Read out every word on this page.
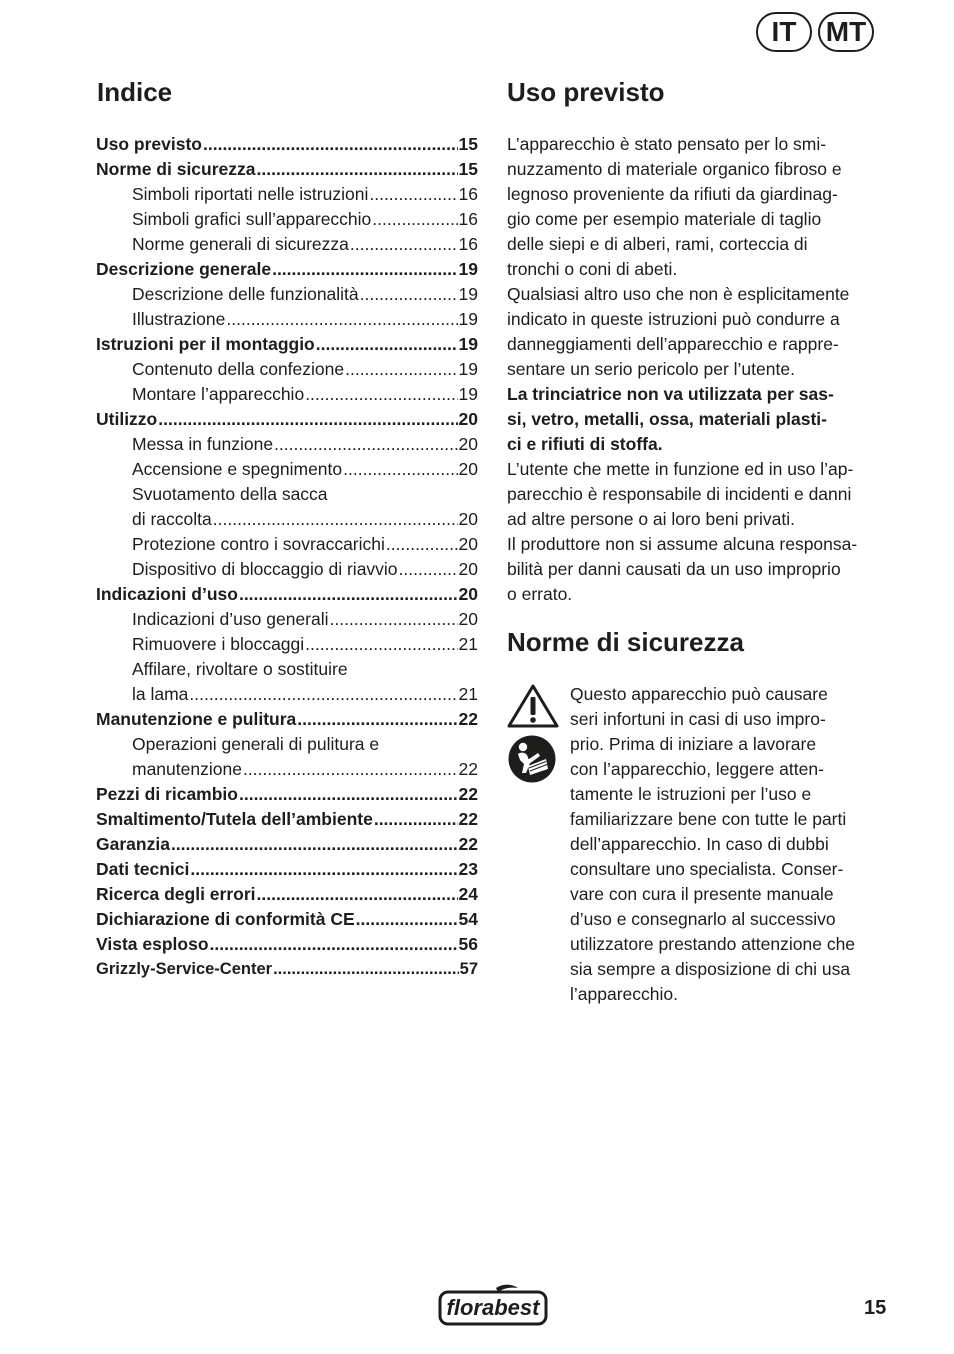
IT	MT
Indice
Uso previsto .....	15
Norme di sicurezza .....	15
Simboli riportati nelle istruzioni .....	16
Simboli grafici sull’apparecchio .....	16
Norme generali di sicurezza .....	16
Descrizione generale .....	19
Descrizione delle funzionalità .....	19
Illustrazione .....	19
Istruzioni per il montaggio .....	19
Contenuto della confezione .....	19
Montare l’apparecchio .....	19
Utilizzo .....	20
Messa in funzione .....	20
Accensione e spegnimento .....	20
Svuotamento della sacca
di raccolta .....	20
Protezione contro i sovraccarichi .....	20
Dispositivo di bloccaggio di riavvio .....	20
Indicazioni d’uso .....	20
Indicazioni d’uso generali .....	20
Rimuovere i bloccaggi .....	21
Affilare, rivoltare o sostituire
la lama .....	21
Manutenzione e pulitura .....	22
Operazioni generali di pulitura e
manutenzione .....	22
Pezzi di ricambio .....	22
Smaltimento/Tutela dell’ambiente .....	22
Garanzia .....	22
Dati tecnici .....	23
Ricerca degli errori .....	24
Dichiarazione di conformità CE .....	54
Vista esploso .....	56
Grizzly-Service-Center .....	57
Uso previsto
L’apparecchio è stato pensato per lo smi-
nuzzamento di materiale organico fibroso e
legnoso proveniente da rifiuti da giardinag-
gio come per esempio materiale di taglio
delle siepi e di alberi, rami, corteccia di
tronchi o coni di abeti.
Qualsiasi altro uso che non è esplicitamente
indicato in queste istruzioni può condurre a
danneggiamenti dell’apparecchio e rappre-
sentare un serio pericolo per l’utente.
La trinciatrice non va utilizzata per sas-
si, vetro, metalli, ossa, materiali plasti-
ci e rifiuti di stoffa.
L’utente che mette in funzione ed in uso l’ap-
parecchio è responsabile di incidenti e danni
ad altre persone o ai loro beni privati.
Il produttore non si assume alcuna responsa-
bilità per danni causati da un uso improprio
o errato.
Norme di sicurezza
Questo apparecchio può causare
seri infortuni in casi di uso impro-
prio. Prima di iniziare a lavorare
con l’apparecchio, leggere atten-
tamente le istruzioni per l’uso e
familiarizzare bene con tutte le parti
dell’apparecchio. In caso di dubbi
consultare uno specialista. Conser-
vare con cura il presente manuale
d’uso e consegnarlo al successivo
utilizzatore prestando attenzione che
sia sempre a disposizione di chi usa
l’apparecchio.
florabest	15
